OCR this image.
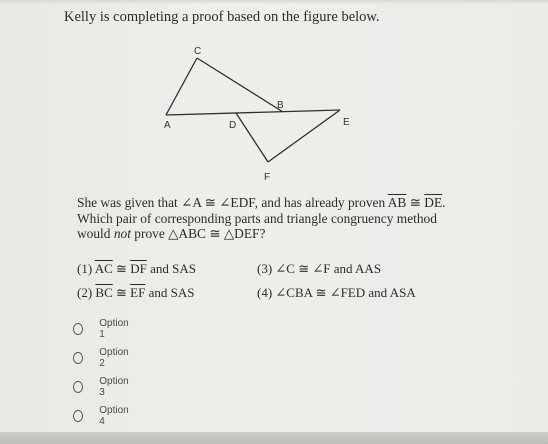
Kelly is completing a proof based on the figure below.
C
A	D
B
E
F
She was given that ∠A ≅ ∠EDF, and has already proven $\overline{AB}$ ≅ $\overline{DE}$.
Which pair of corresponding parts and triangle congruency method
would not prove △ABC ≅ △DEF?
(1) $\overline{AC}$ ≅ $\overline{DF}$ and SAS
(2) $\overline{BC}$ ≅ $\overline{EF}$ and SAS
(3) ∠C ≅ ∠F and AAS
(4) ∠CBA ≅ ∠FED and ASA
Option 1
Option 2
Option 3
Option 4
